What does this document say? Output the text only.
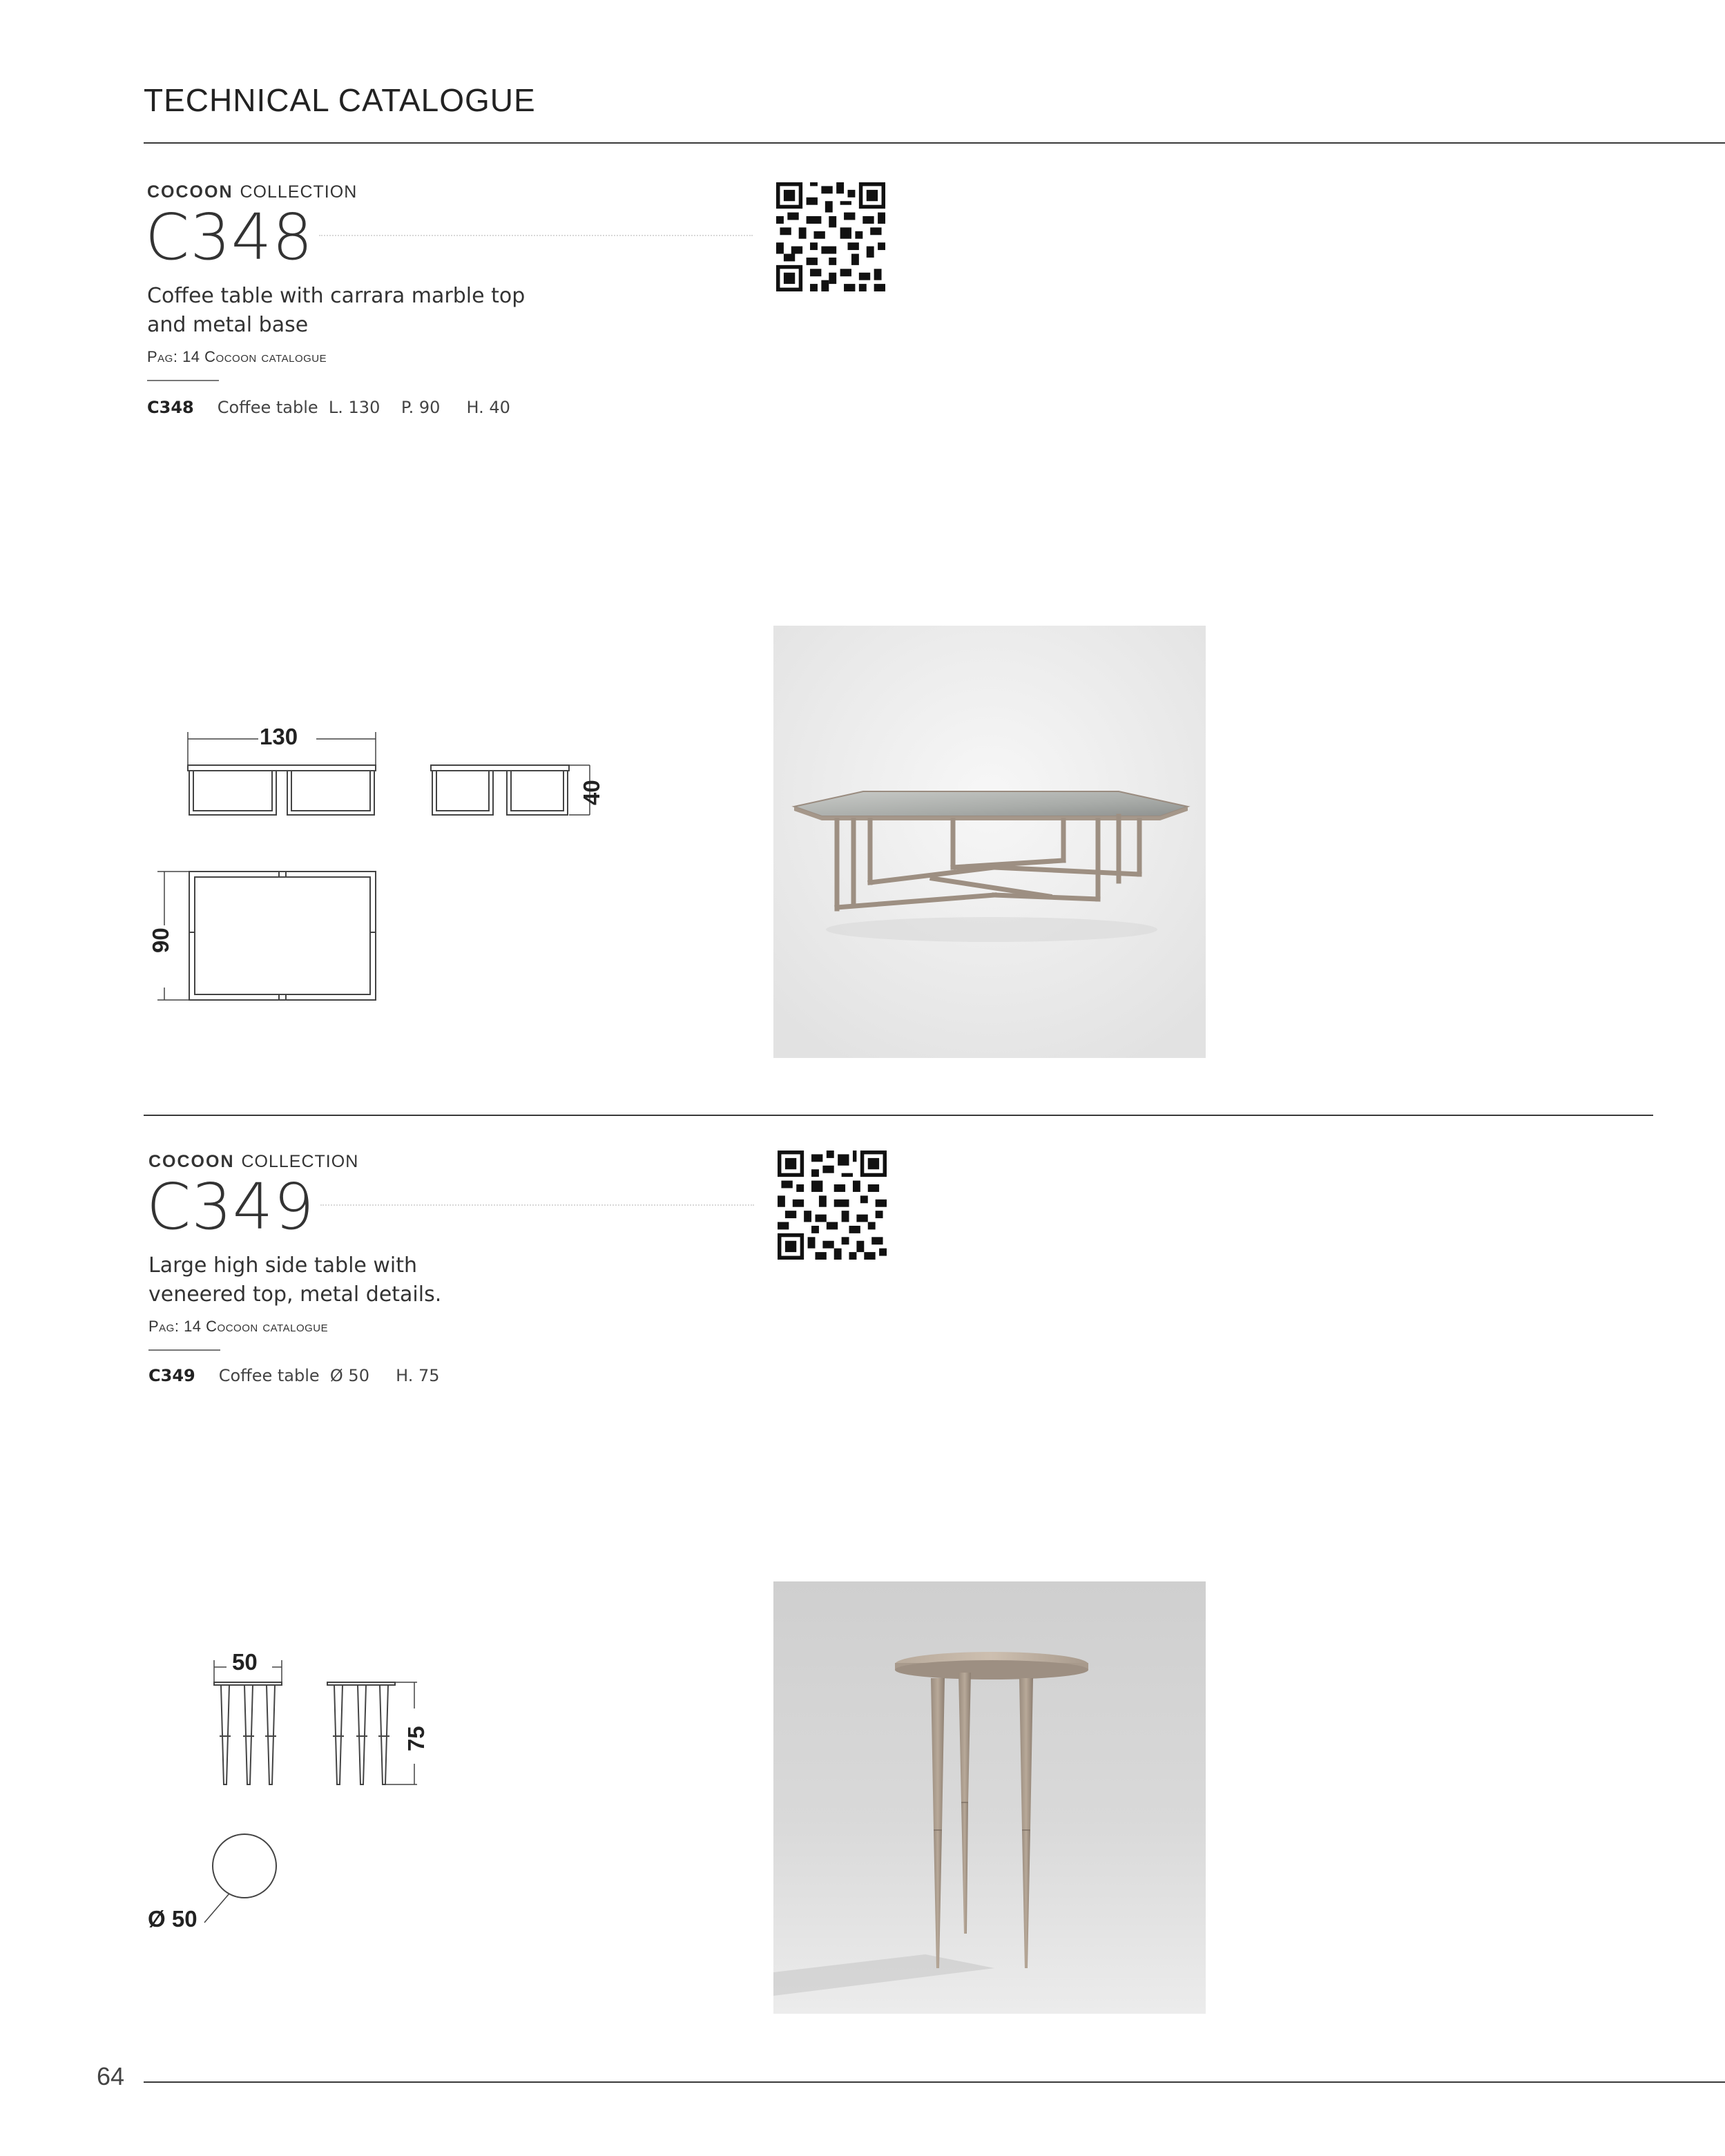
TECHNICAL CATALOGUE
COCOON COLLECTION
C348
Coffee table with carrara marble top
and metal base
Pag: 14 Cocoon catalogue
C348 Coffee table  L. 130    P. 90     H. 40
130
40
90
COCOON COLLECTION
C349
Large high side table with
veneered top, metal details.
Pag: 14 Cocoon catalogue
C349 Coffee table  Ø 50     H. 75
50
75
Ø 50
64
